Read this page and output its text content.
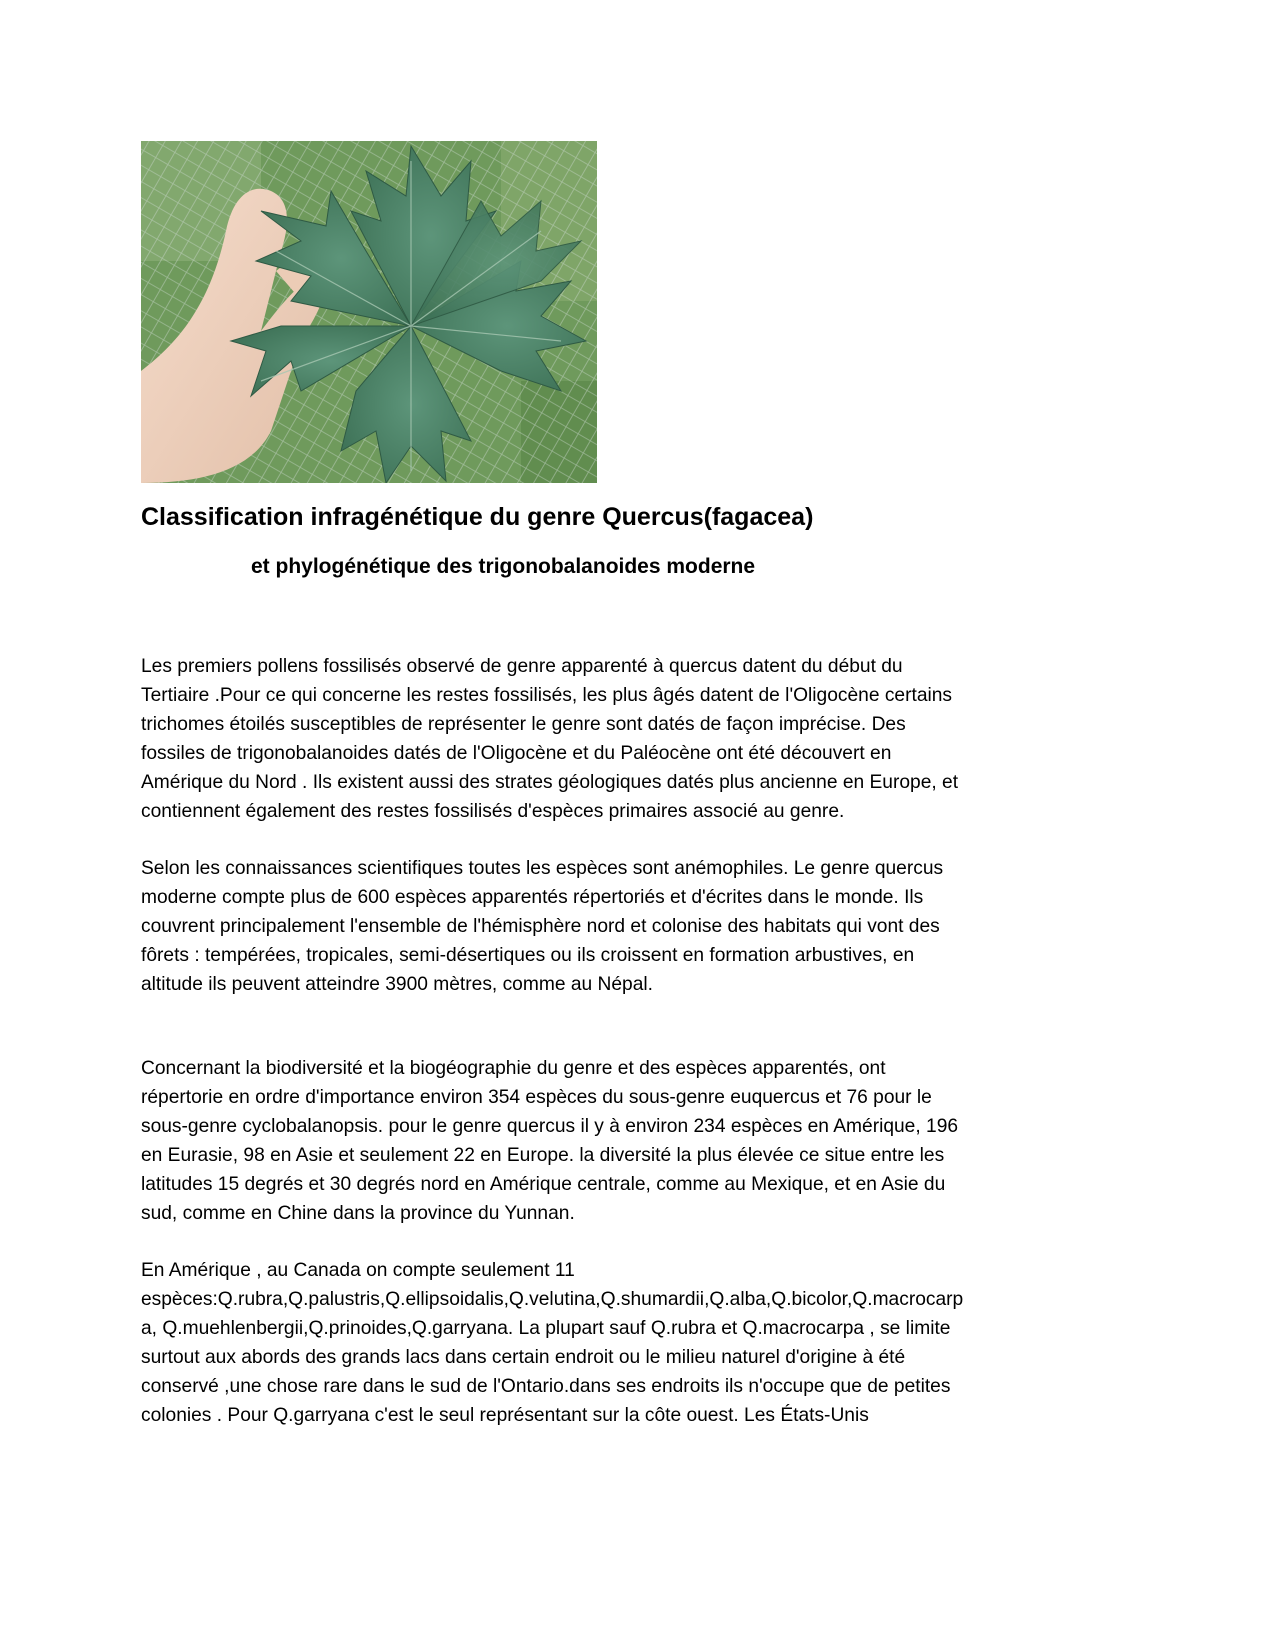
Classification infragénétique du genre Quercus(fagacea)
et phylogénétique des trigonobalanoides moderne
Les premiers pollens fossilisés observé de genre apparenté à quercus datent du début du
Tertiaire .Pour ce qui concerne les restes fossilisés, les plus âgés datent de l'Oligocène certains
trichomes étoilés susceptibles de représenter le genre sont datés de façon imprécise. Des
fossiles de trigonobalanoides datés de l'Oligocène et du Paléocène ont été découvert en
Amérique du Nord . Ils existent aussi des strates géologiques datés plus ancienne en Europe, et
contiennent également des restes fossilisés d'espèces primaires associé au genre.
Selon les connaissances scientifiques toutes les espèces sont anémophiles. Le genre quercus
moderne compte plus de 600 espèces apparentés répertoriés et d'écrites dans le monde. Ils
couvrent principalement l'ensemble de l'hémisphère nord et colonise des habitats qui vont des
fôrets : tempérées, tropicales, semi-désertiques ou ils croissent en formation arbustives, en
altitude ils peuvent atteindre 3900 mètres, comme au Népal.
Concernant la biodiversité et la biogéographie du genre et des espèces apparentés, ont
répertorie en ordre d'importance environ 354 espèces du sous-genre euquercus et 76 pour le
sous-genre cyclobalanopsis. pour le genre quercus il y à environ 234 espèces en Amérique, 196
en Eurasie, 98 en Asie et seulement 22 en Europe. la diversité la plus élevée ce situe entre les
latitudes 15 degrés et 30 degrés nord en Amérique centrale, comme au Mexique, et en Asie du
sud, comme en Chine dans la province du Yunnan.
En Amérique , au Canada on compte seulement 11
espèces:Q.rubra,Q.palustris,Q.ellipsoidalis,Q.velutina,Q.shumardii,Q.alba,Q.bicolor,Q.macrocarp
a, Q.muehlenbergii,Q.prinoides,Q.garryana. La plupart sauf Q.rubra et Q.macrocarpa , se limite
surtout aux abords des grands lacs dans certain endroit ou le milieu naturel d'origine à été
conservé ,une chose rare dans le sud de l'Ontario.dans ses endroits ils n'occupe que de petites
colonies . Pour Q.garryana c'est le seul représentant sur la côte ouest. Les États-Unis
